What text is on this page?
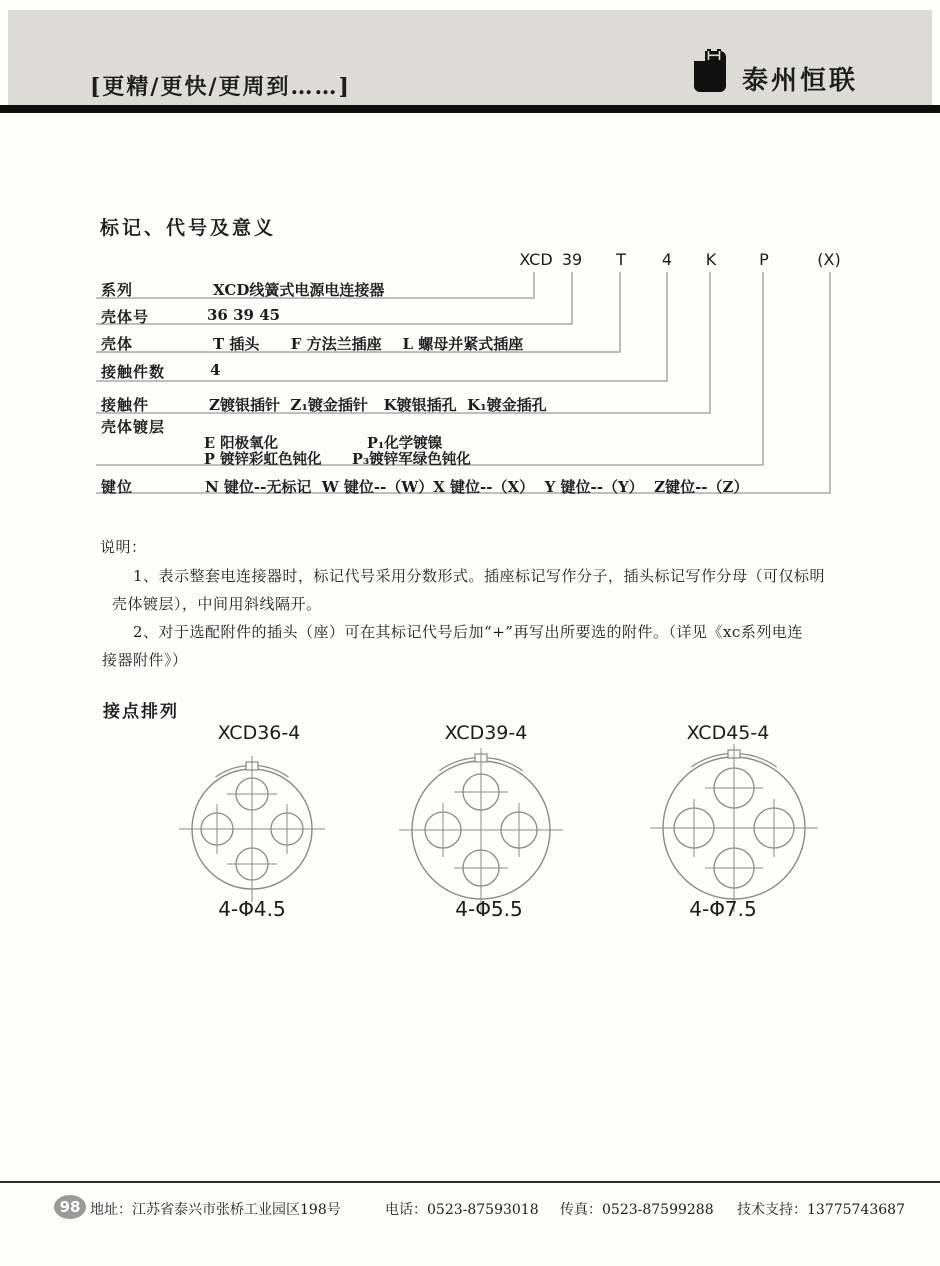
[更精/更快/更周到……]	泰州恒联
标记、代号及意义
XCD 39 T 4 K	P	(X)
系列	XCD线簧式电源电连接器
壳体号	36 39 45
壳体	T 插头      F 方法兰插座    L 螺母并紧式插座
接触件数	4
接触件	Z镀银插针  Z₁镀金插针   K镀银插孔  K₁镀金插孔
壳体镀层
E 阳极氧化	P₁化学镀镍
P 镀锌彩虹色钝化 P₃镀锌军绿色钝化
键位	N 键位--无标记  W 键位--（W）X 键位--（X）  Y 键位--（Y）  Z键位--（Z）
说明：
1、表示整套电连接器时，标记代号采用分数形式。插座标记写作分子，插头标记写作分母（可仅标明
壳体镀层），中间用斜线隔开。
2、对于选配附件的插头（座）可在其标记代号后加“+”再写出所要选的附件。（详见《xc系列电连
接器附件》）
接点排列
XCD36-4	XCD39-4	XCD45-4
4-Φ4.5	4-Φ5.5	4-Φ7.5
98 地址：江苏省泰兴市张桥工业园区198号	电话：0523-87593018 传真：0523-87599288 技术支持：13775743687
